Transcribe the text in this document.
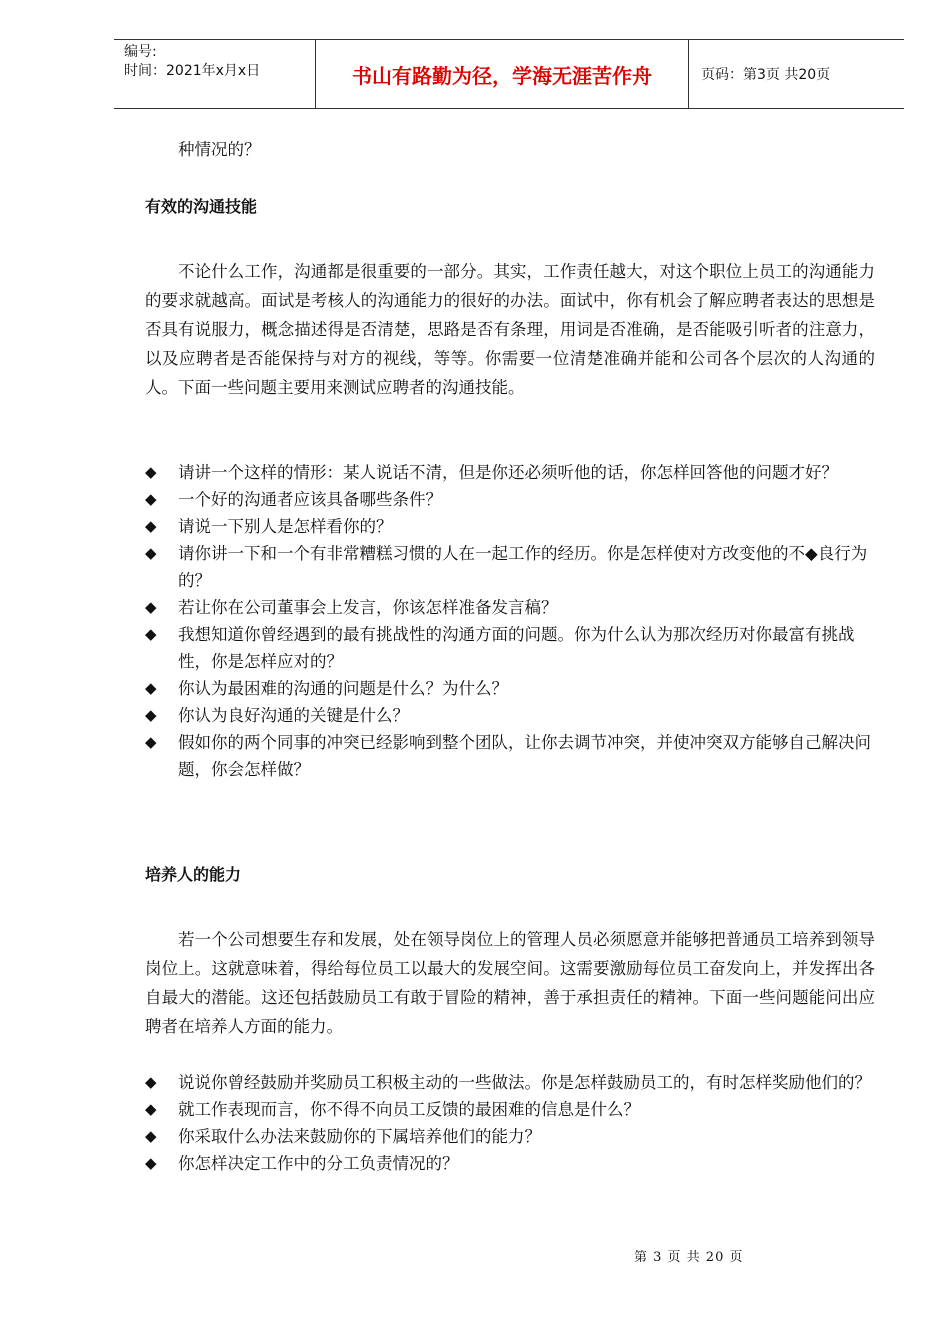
编号:
时间：2021年x月x日	书山有路勤为径，学海无涯苦作舟	页码：第3页 共20页
种情况的？
有效的沟通技能
不论什么工作，沟通都是很重要的一部分。其实，工作责任越大，对这个职位上员工的沟通能力的要求就越高。面试是考核人的沟通能力的很好的办法。面试中，你有机会了解应聘者表达的思想是否具有说服力，概念描述得是否清楚，思路是否有条理，用词是否准确，是否能吸引听者的注意力，以及应聘者是否能保持与对方的视线，等等。你需要一位清楚准确并能和公司各个层次的人沟通的人。下面一些问题主要用来测试应聘者的沟通技能。
◆ 请讲一个这样的情形：某人说话不清，但是你还必须听他的话，你怎样回答他的问题才好？
◆ 一个好的沟通者应该具备哪些条件？
◆ 请说一下别人是怎样看你的？
◆ 请你讲一下和一个有非常糟糕习惯的人在一起工作的经历。你是怎样使对方改变他的不◆良行为的？
◆ 若让你在公司董事会上发言，你该怎样准备发言稿？
◆ 我想知道你曾经遇到的最有挑战性的沟通方面的问题。你为什么认为那次经历对你最富有挑战性，你是怎样应对的？
◆ 你认为最困难的沟通的问题是什么？为什么？
◆ 你认为良好沟通的关键是什么？
◆ 假如你的两个同事的冲突已经影响到整个团队，让你去调节冲突，并使冲突双方能够自己解决问题，你会怎样做？
培养人的能力
若一个公司想要生存和发展，处在领导岗位上的管理人员必须愿意并能够把普通员工培养到领导岗位上。这就意味着，得给每位员工以最大的发展空间。这需要激励每位员工奋发向上，并发挥出各自最大的潜能。这还包括鼓励员工有敢于冒险的精神，善于承担责任的精神。下面一些问题能问出应聘者在培养人方面的能力。
◆ 说说你曾经鼓励并奖励员工积极主动的一些做法。你是怎样鼓励员工的，有时怎样奖励他们的？
◆ 就工作表现而言，你不得不向员工反馈的最困难的信息是什么？
◆ 你采取什么办法来鼓励你的下属培养他们的能力？
◆ 你怎样决定工作中的分工负责情况的？
第 3 页 共 20 页
